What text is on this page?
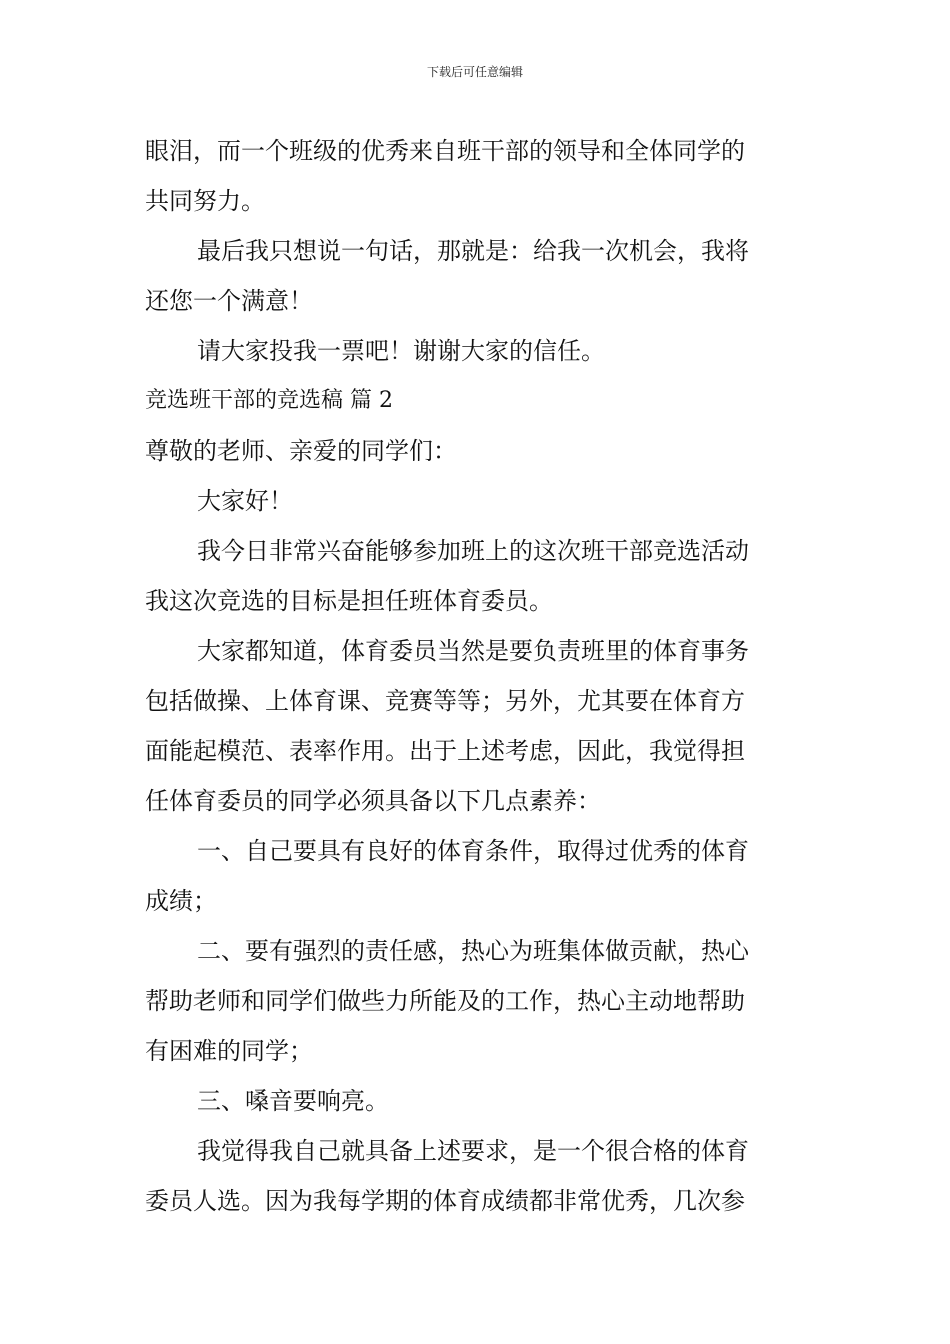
下载后可任意编辑
眼泪，而一个班级的优秀来自班干部的领导和全体同学的
共同努力。
最后我只想说一句话，那就是：给我一次机会，我将
还您一个满意！
请大家投我一票吧！谢谢大家的信任。
竞选班干部的竞选稿 篇 2
尊敬的老师、亲爱的同学们：
大家好！
我今日非常兴奋能够参加班上的这次班干部竞选活动
我这次竞选的目标是担任班体育委员。
大家都知道，体育委员当然是要负责班里的体育事务
包括做操、上体育课、竞赛等等；另外，尤其要在体育方
面能起模范、表率作用。出于上述考虑，因此，我觉得担
任体育委员的同学必须具备以下几点素养：
一、自己要具有良好的体育条件，取得过优秀的体育
成绩；
二、要有强烈的责任感，热心为班集体做贡献，热心
帮助老师和同学们做些力所能及的工作，热心主动地帮助
有困难的同学；
三、嗓音要响亮。
我觉得我自己就具备上述要求，是一个很合格的体育
委员人选。因为我每学期的体育成绩都非常优秀，几次参
